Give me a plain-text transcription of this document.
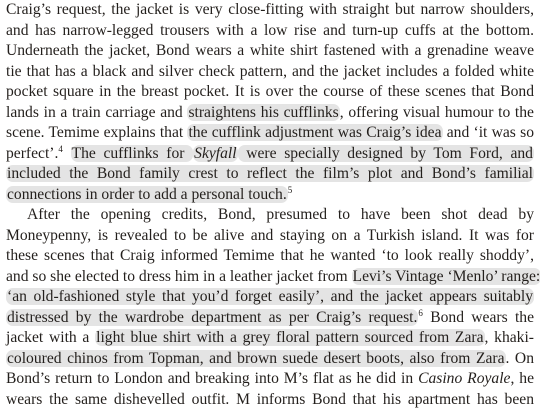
Craig’s request, the jacket is very close-fitting with straight but narrow shoulders,
and has narrow-legged trousers with a low rise and turn-up cuffs at the bottom.
Underneath the jacket, Bond wears a white shirt fastened with a grenadine weave
tie that has a black and silver check pattern, and the jacket includes a folded white
pocket square in the breast pocket. It is over the course of these scenes that Bond
lands in a train carriage and straightens his cufflinks, offering visual humour to the
scene. Temime explains that the cufflink adjustment was Craig’s idea and ‘it was so
perfect’.$^4$ The cufflinks for Skyfall were specially designed by Tom Ford, and
included the Bond family crest to reflect the film’s plot and Bond’s familial
connections in order to add a personal touch.$^5$
After the opening credits, Bond, presumed to have been shot dead by
Moneypenny, is revealed to be alive and staying on a Turkish island. It was for
these scenes that Craig informed Temime that he wanted ‘to look really shoddy’,
and so she elected to dress him in a leather jacket from Levi’s Vintage ‘Menlo’ range:
‘an old-fashioned style that you’d forget easily’, and the jacket appears suitably
distressed by the wardrobe department as per Craig’s request.$^6$ Bond wears the
jacket with a light blue shirt with a grey floral pattern sourced from Zara, khaki-
coloured chinos from Topman, and brown suede desert boots, also from Zara. On
Bond’s return to London and breaking into M’s flat as he did in Casino Royale, he
wears the same dishevelled outfit. M informs Bond that his apartment has been
